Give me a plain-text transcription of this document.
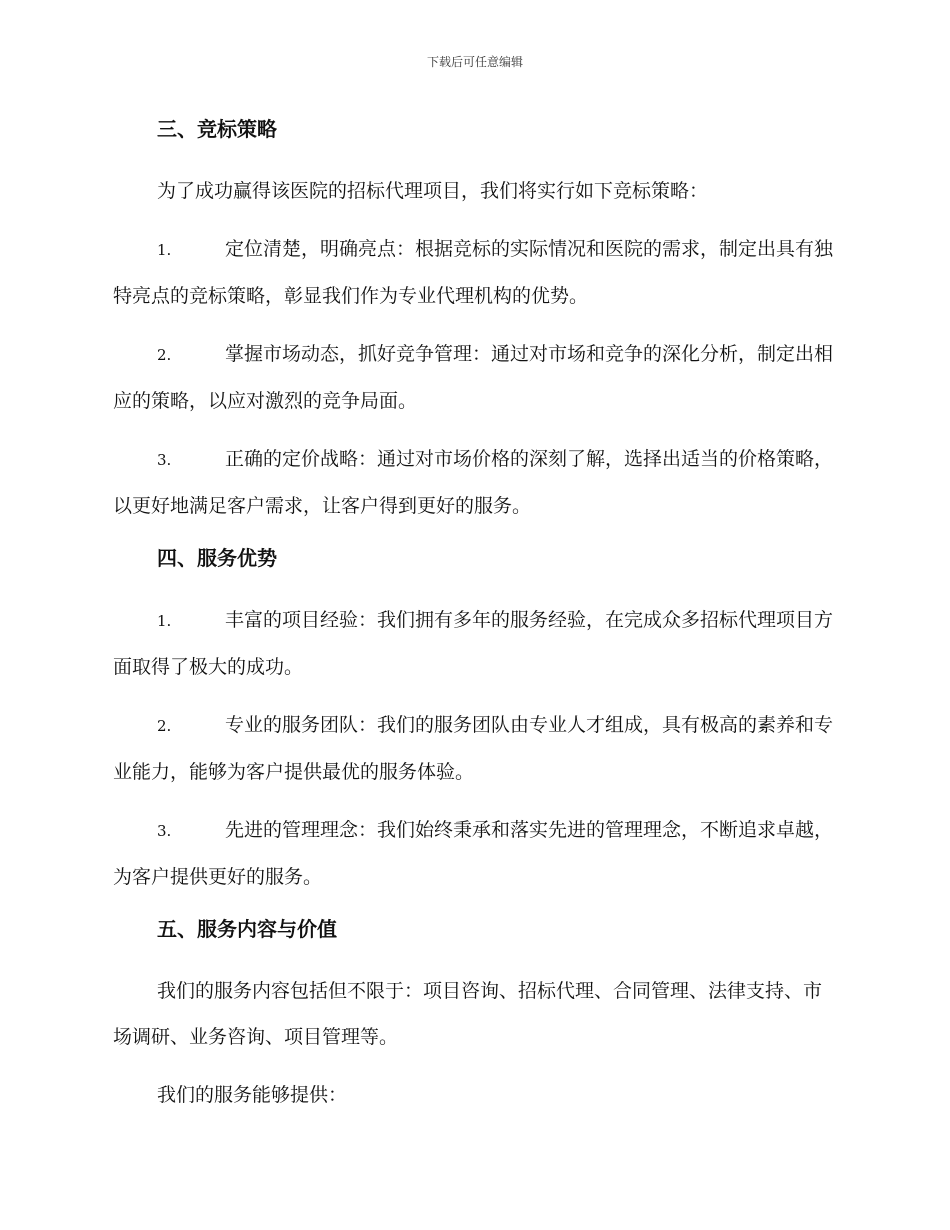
下载后可任意编辑
三、竞标策略

为了成功赢得该医院的招标代理项目，我们将实行如下竞标策略：

1.	定位清楚，明确亮点：根据竞标的实际情况和医院的需求，制定出具有独特亮点的竞标策略，彰显我们作为专业代理机构的优势。
2.	掌握市场动态，抓好竞争管理：通过对市场和竞争的深化分析，制定出相应的策略，以应对激烈的竞争局面。
3.	正确的定价战略：通过对市场价格的深刻了解，选择出适当的价格策略，以更好地满足客户需求，让客户得到更好的服务。
四、服务优势
1.	丰富的项目经验：我们拥有多年的服务经验，在完成众多招标代理项目方面取得了极大的成功。
2.	专业的服务团队：我们的服务团队由专业人才组成，具有极高的素养和专业能力，能够为客户提供最优的服务体验。
3.	先进的管理理念：我们始终秉承和落实先进的管理理念，不断追求卓越，为客户提供更好的服务。
五、服务内容与价值

我们的服务内容包括但不限于：项目咨询、招标代理、合同管理、法律支持、市场调研、业务咨询、项目管理等。

我们的服务能够提供：
